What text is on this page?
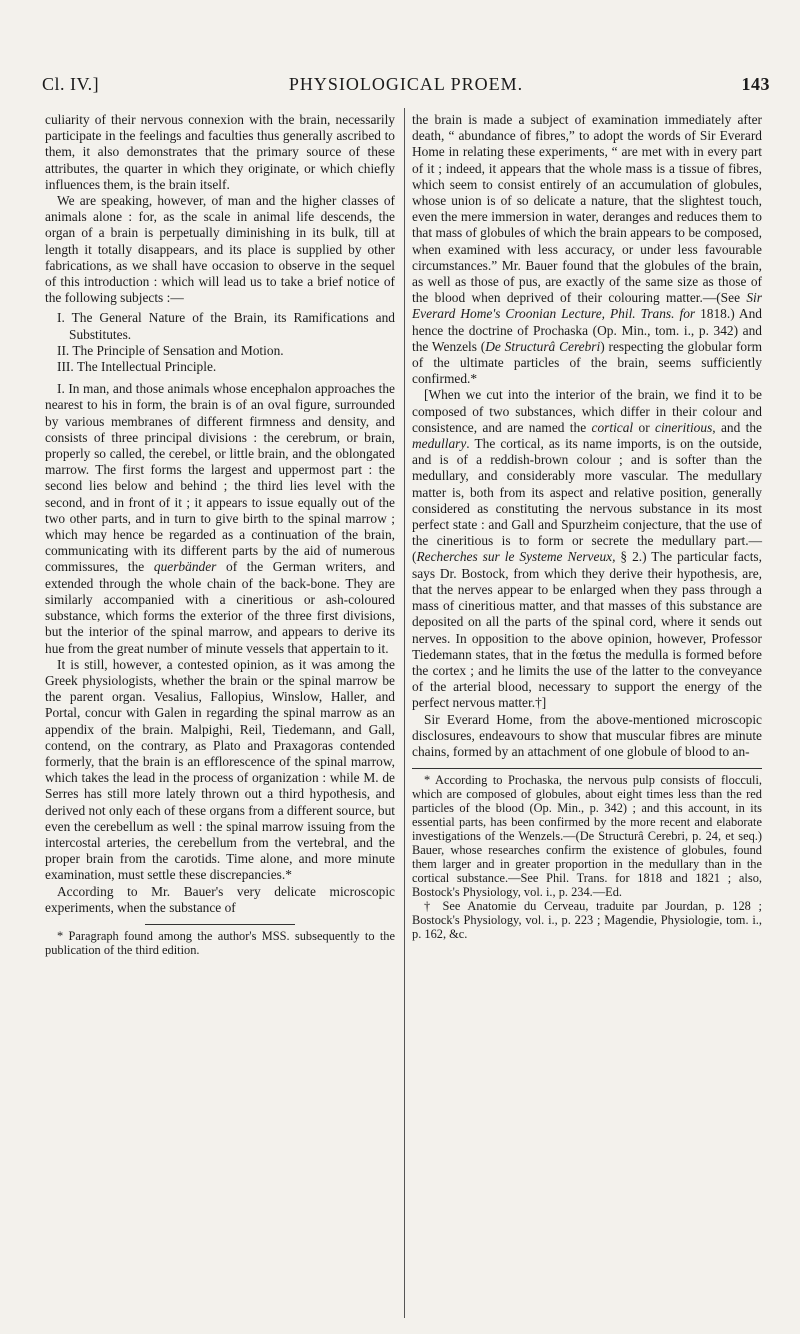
Cl. IV.]	PHYSIOLOGICAL PROEM.	143

culiarity of their nervous connexion with the brain, necessarily participate in the feelings and faculties thus generally ascribed to them, it also demonstrates that the primary source of these attributes, the quarter in which they originate, or which chiefly influences them, is the brain itself.

We are speaking, however, of man and the higher classes of animals alone : for, as the scale in animal life descends, the organ of a brain is perpetually diminishing in its bulk, till at length it totally disappears, and its place is supplied by other fabrications, as we shall have occasion to observe in the sequel of this introduction : which will lead us to take a brief notice of the following subjects :—

I. The General Nature of the Brain, its Ramifications and Substitutes.
II. The Principle of Sensation and Motion.
III. The Intellectual Principle.

I. In man, and those animals whose encephalon approaches the nearest to his in form, the brain is of an oval figure, surrounded by various membranes of different firmness and density, and consists of three principal divisions : the cerebrum, or brain, properly so called, the cerebel, or little brain, and the oblongated marrow. The first forms the largest and uppermost part : the second lies below and behind ; the third lies level with the second, and in front of it ; it appears to issue equally out of the two other parts, and in turn to give birth to the spinal marrow ; which may hence be regarded as a continuation of the brain, communicating with its different parts by the aid of numerous commissures, the querbänder of the German writers, and extended through the whole chain of the back-bone. They are similarly accompanied with a cineritious or ash-coloured substance, which forms the exterior of the three first divisions, but the interior of the spinal marrow, and appears to derive its hue from the great number of minute vessels that appertain to it.

It is still, however, a contested opinion, as it was among the Greek physiologists, whether the brain or the spinal marrow be the parent organ. Vesalius, Fallopius, Winslow, Haller, and Portal, concur with Galen in regarding the spinal marrow as an appendix of the brain. Malpighi, Reil, Tiedemann, and Gall, contend, on the contrary, as Plato and Praxagoras contended formerly, that the brain is an efflorescence of the spinal marrow, which takes the lead in the process of organization : while M. de Serres has still more lately thrown out a third hypothesis, and derived not only each of these organs from a different source, but even the cerebellum as well : the spinal marrow issuing from the intercostal arteries, the cerebellum from the vertebral, and the proper brain from the carotids. Time alone, and more minute examination, must settle these discrepancies.*

According to Mr. Bauer's very delicate microscopic experiments, when the substance of

* Paragraph found among the author's MSS. subsequently to the publication of the third edition.

the brain is made a subject of examination immediately after death, “ abundance of fibres,” to adopt the words of Sir Everard Home in relating these experiments, “ are met with in every part of it ; indeed, it appears that the whole mass is a tissue of fibres, which seem to consist entirely of an accumulation of globules, whose union is of so delicate a nature, that the slightest touch, even the mere immersion in water, deranges and reduces them to that mass of globules of which the brain appears to be composed, when examined with less accuracy, or under less favourable circumstances.” Mr. Bauer found that the globules of the brain, as well as those of pus, are exactly of the same size as those of the blood when deprived of their colouring matter.—(See Sir Everard Home's Croonian Lecture, Phil. Trans. for 1818.) And hence the doctrine of Prochaska (Op. Min., tom. i., p. 342) and the Wenzels (De Structurâ Cerebri) respecting the globular form of the ultimate particles of the brain, seems sufficiently confirmed.*

[When we cut into the interior of the brain, we find it to be composed of two substances, which differ in their colour and consistence, and are named the cortical or cineritious, and the medullary. The cortical, as its name imports, is on the outside, and is of a reddish-brown colour ; and is softer than the medullary, and considerably more vascular. The medullary matter is, both from its aspect and relative position, generally considered as constituting the nervous substance in its most perfect state : and Gall and Spurzheim conjecture, that the use of the cineritious is to form or secrete the medullary part.—(Recherches sur le Systeme Nerveux, § 2.) The particular facts, says Dr. Bostock, from which they derive their hypothesis, are, that the nerves appear to be enlarged when they pass through a mass of cineritious matter, and that masses of this substance are deposited on all the parts of the spinal cord, where it sends out nerves. In opposition to the above opinion, however, Professor Tiedemann states, that in the fœtus the medulla is formed before the cortex ; and he limits the use of the latter to the conveyance of the arterial blood, necessary to support the energy of the perfect nervous matter.†]

Sir Everard Home, from the above-mentioned microscopic disclosures, endeavours to show that muscular fibres are minute chains, formed by an attachment of one globule of blood to an-

* According to Prochaska, the nervous pulp consists of flocculi, which are composed of globules, about eight times less than the red particles of the blood (Op. Min., p. 342) ; and this account, in its essential parts, has been confirmed by the more recent and elaborate investigations of the Wenzels.—(De Structurâ Cerebri, p. 24, et seq.) Bauer, whose researches confirm the existence of globules, found them larger and in greater proportion in the medullary than in the cortical substance.—See Phil. Trans. for 1818 and 1821 ; also, Bostock's Physiology, vol. i., p. 234.—Ed.

† See Anatomie du Cerveau, traduite par Jourdan, p. 128 ; Bostock's Physiology, vol. i., p. 223 ; Magendie, Physiologie, tom. i., p. 162, &c.
